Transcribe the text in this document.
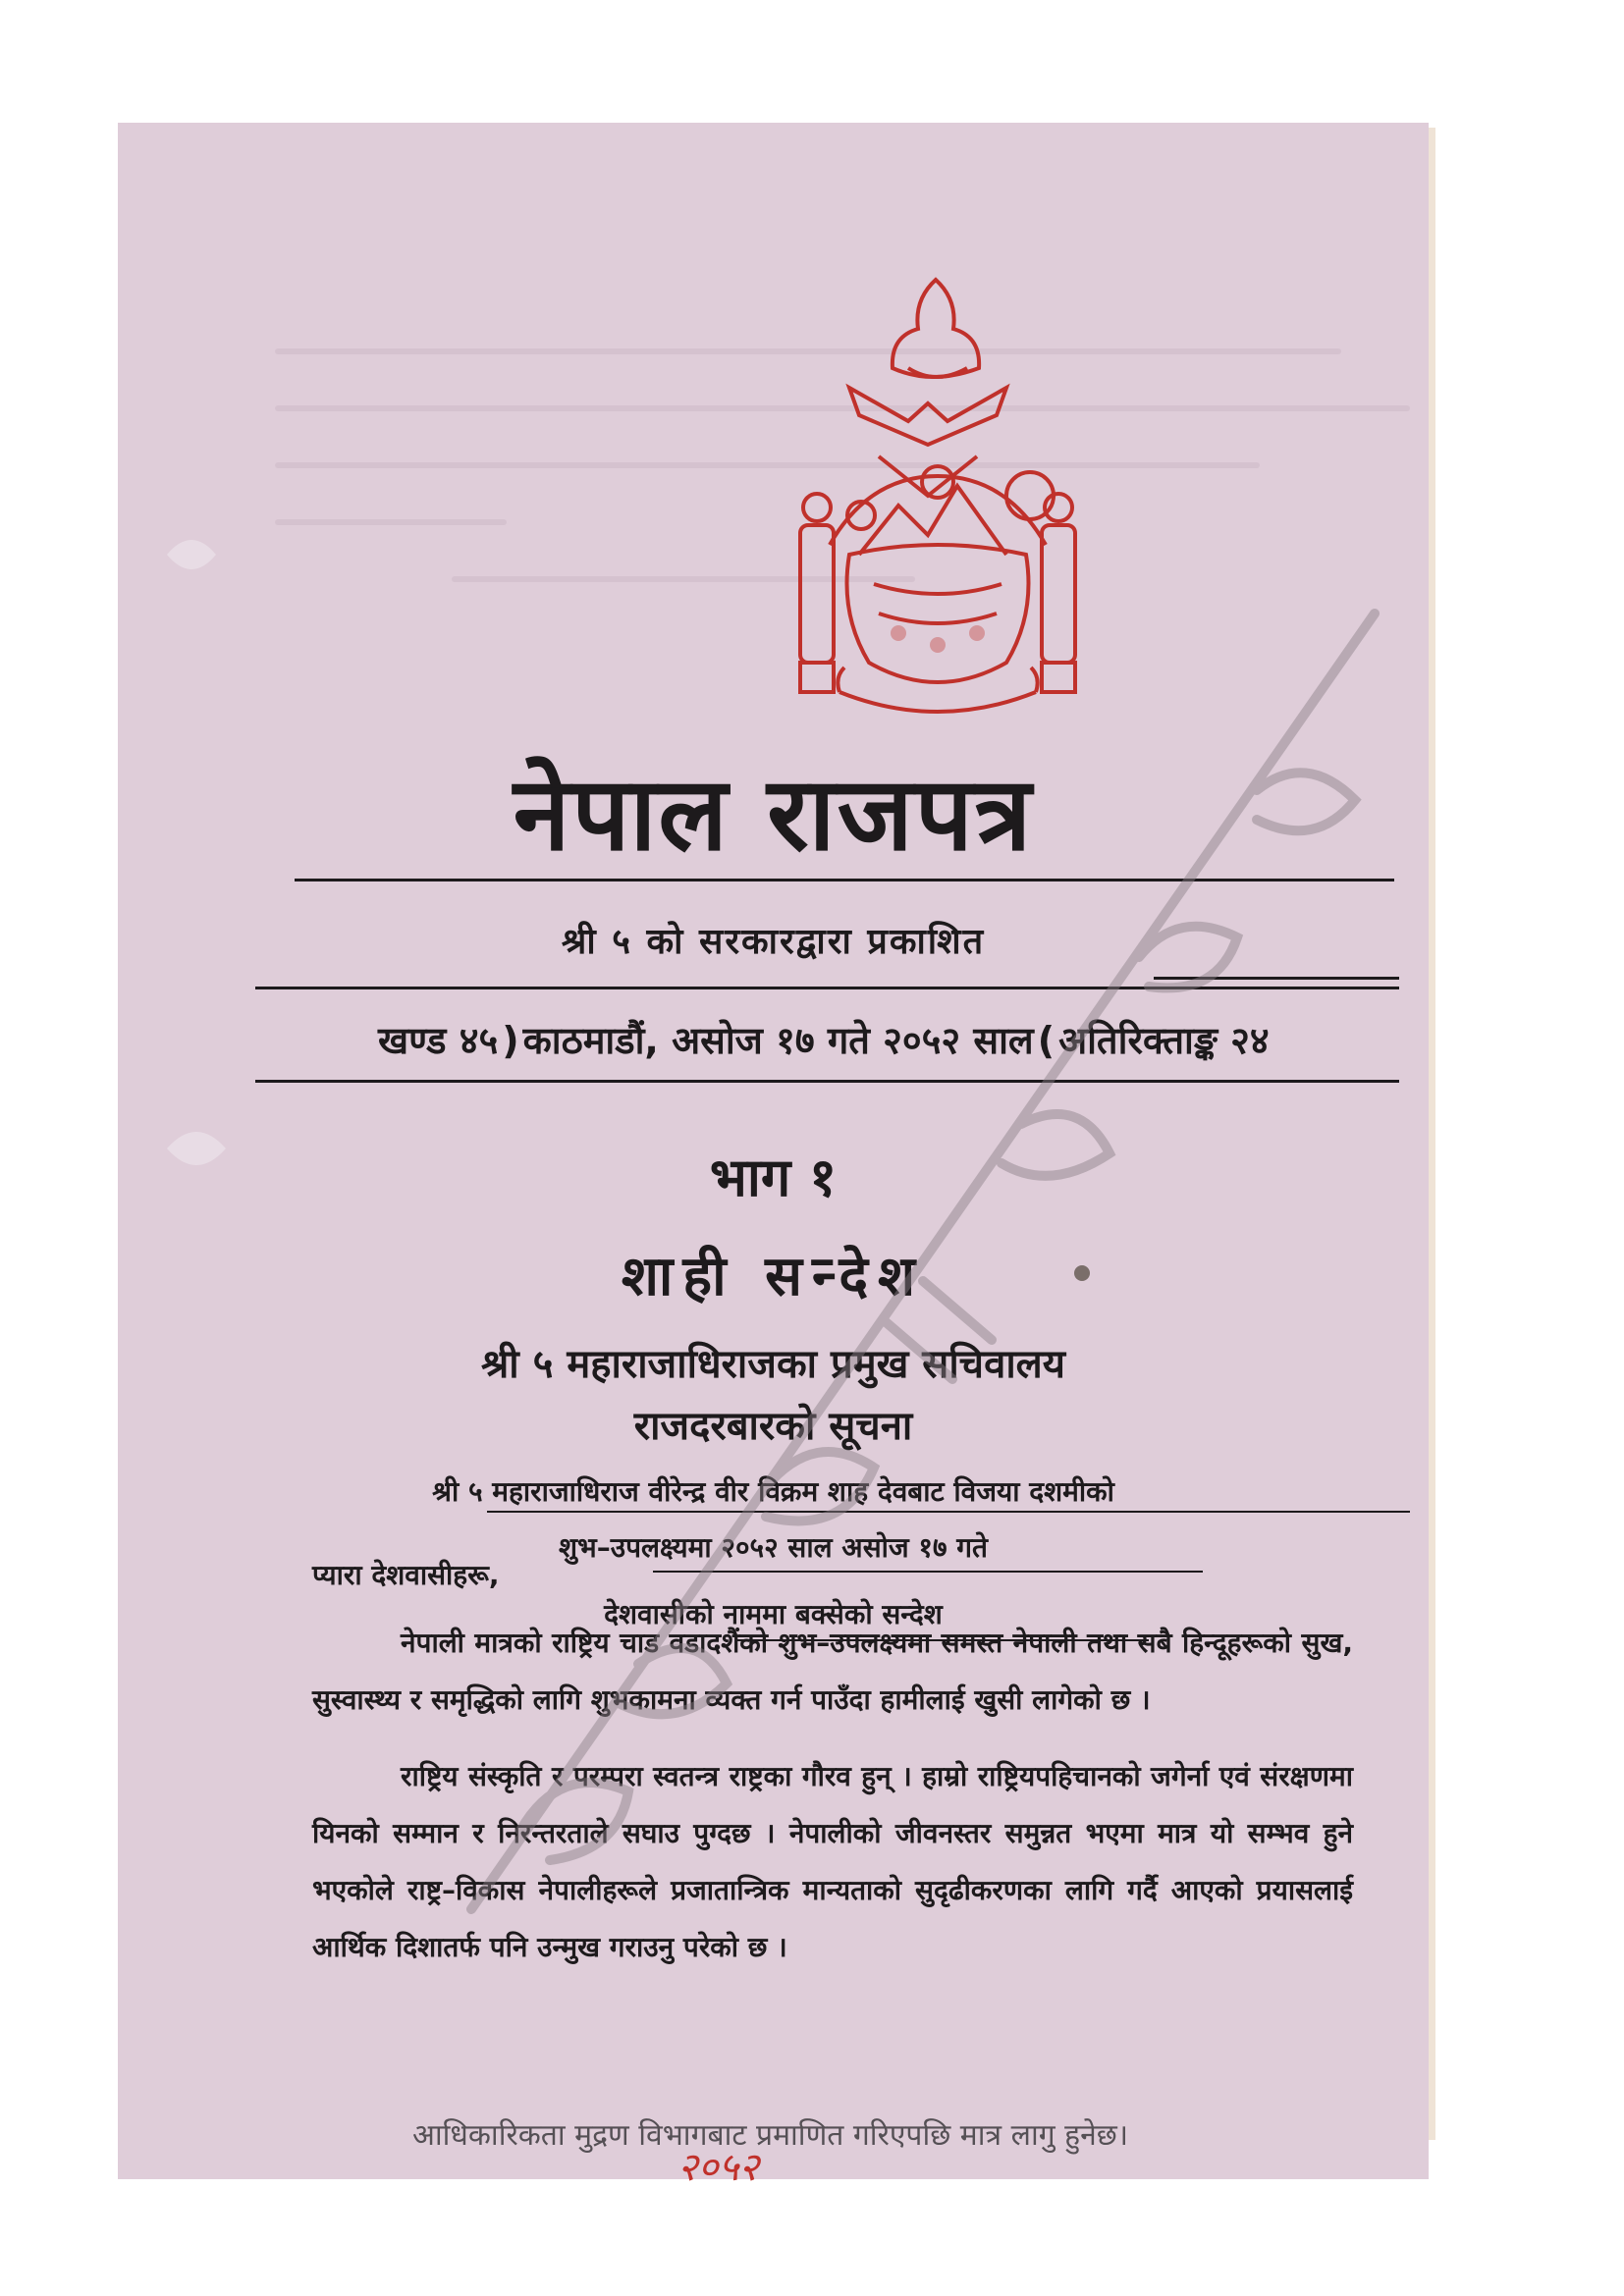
नेपाल राजपत्र
श्री ५ को सरकारद्वारा प्रकाशित
खण्ड ४५ ) काठमाडौं, असोज १७ गते २०५२ साल ( अतिरिक्ताङ्क २४
भाग १
शाही सन्देश
श्री ५ महाराजाधिराजका प्रमुख सचिवालय
राजदरबारको सूचना
श्री ५ महाराजाधिराज वीरेन्द्र वीर विक्रम शाह देवबाट विजया दशमीको
शुभ–उपलक्ष्यमा २०५२ साल असोज १७ गते
देशवासीको नाममा बक्सेको सन्देश

प्यारा देशवासीहरू,

नेपाली मात्रको राष्ट्रिय चाड वडादशैंको शुभ–उपलक्ष्यमा समस्त नेपाली तथा सबै हिन्दूहरूको सुख, सुस्वास्थ्य र समृद्धिको लागि शुभकामना व्यक्त गर्न पाउँदा हामीलाई खुसी लागेको छ ।

राष्ट्रिय संस्कृति र परम्परा स्वतन्त्र राष्ट्रका गौरव हुन् । हाम्रो राष्ट्रियपहिचानको जगेर्ना एवं संरक्षणमा यिनको सम्मान र निरन्तरताले सघाउ पुग्दछ । नेपालीको जीवनस्तर समुन्नत भएमा मात्र यो सम्भव हुने भएकोले राष्ट्र–विकास नेपालीहरूले प्रजातान्त्रिक मान्यताको सुदृढीकरणका लागि गर्दै आएको प्रयासलाई आर्थिक दिशातर्फ पनि उन्मुख गराउनु परेको छ ।

आधिकारिकता मुद्रण विभागबाट प्रमाणित गरिएपछि मात्र लागु हुनेछ।
२०५२
